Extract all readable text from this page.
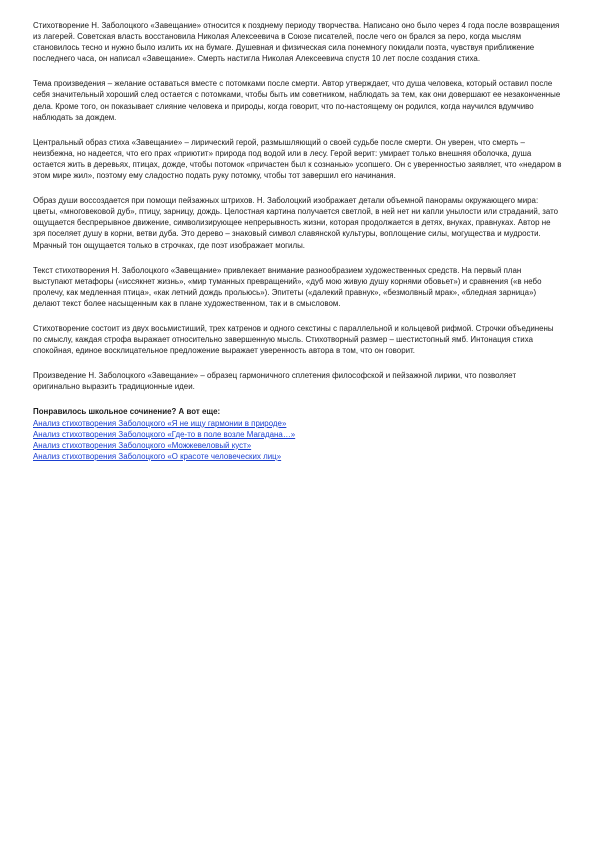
Стихотворение Н. Заболоцкого «Завещание» относится к позднему периоду творчества. Написано оно было через 4 года после возвращения из лагерей. Советская власть восстановила Николая Алексеевича в Союзе писателей, после чего он брался за перо, когда мыслям становилось тесно и нужно было излить их на бумаге. Душевная и физическая сила понемногу покидали поэта, чувствуя приближение последнего часа, он написал «Завещание». Смерть настигла Николая Алексеевича спустя 10 лет после создания стиха.

Тема произведения – желание оставаться вместе с потомками после смерти. Автор утверждает, что душа человека, который оставил после себя значительный хороший след остается с потомками, чтобы быть им советником, наблюдать за тем, как они довершают ее незаконченные дела. Кроме того, он показывает слияние человека и природы, когда говорит, что по-настоящему он родился, когда научился вдумчиво наблюдать за дождем.

Центральный образ стиха «Завещание» – лирический герой, размышляющий о своей судьбе после смерти. Он уверен, что смерть – неизбежна, но надеется, что его прах «приютит» природа под водой или в лесу. Герой верит: умирает только внешняя оболочка, душа остается жить в деревьях, птицах, дожде, чтобы потомок «причастен был к сознанью» усопшего. Он с уверенностью заявляет, что «недаром в этом мире жил», поэтому ему сладостно подать руку потомку, чтобы тот завершил его начинания.

Образ души воссоздается при помощи пейзажных штрихов. Н. Заболоцкий изображает детали объемной панорамы окружающего мира: цветы, «многовековой дуб», птицу, зарницу, дождь. Целостная картина получается светлой, в ней нет ни капли унылости или страданий, зато ощущается беспрерывное движение, символизирующее непрерывность жизни, которая продолжается в детях, внуках, правнуках. Автор не зря поселяет душу в корни, ветви дуба. Это дерево – знаковый символ славянской культуры, воплощение силы, могущества и мудрости. Мрачный тон ощущается только в строчках, где поэт изображает могилы.

Текст стихотворения Н. Заболоцкого «Завещание» привлекает внимание разнообразием художественных средств. На первый план выступают метафоры («иссякнет жизнь», «мир туманных превращений», «дуб мою живую душу корнями обовьет») и сравнения («в небо пролечу, как медленная птица», «как летний дождь прольюсь»). Эпитеты («далекий правнук», «безмолвный мрак», «бледная зарница») делают текст более насыщенным как в плане художественном, так и в смысловом.

Стихотворение состоит из двух восьмистиший, трех катренов и одного секстины с параллельной и кольцевой рифмой. Строчки объединены по смыслу, каждая строфа выражает относительно завершенную мысль. Стихотворный размер – шестистопный ямб. Интонация стиха спокойная, единое восклицательное предложение выражает уверенность автора в том, что он говорит.

Произведение Н. Заболоцкого «Завещание» – образец гармоничного сплетения философской и пейзажной лирики, что позволяет оригинально выразить традиционные идеи.

Понравилось школьное сочинение? А вот еще:

Анализ стихотворения Заболоцкого «Я не ищу гармонии в природе»
Анализ стихотворения Заболоцкого «Где-то в поле возле Магадана…»
Анализ стихотворения Заболоцкого «Можжевеловый куст»
Анализ стихотворения Заболоцкого «О красоте человеческих лиц»
